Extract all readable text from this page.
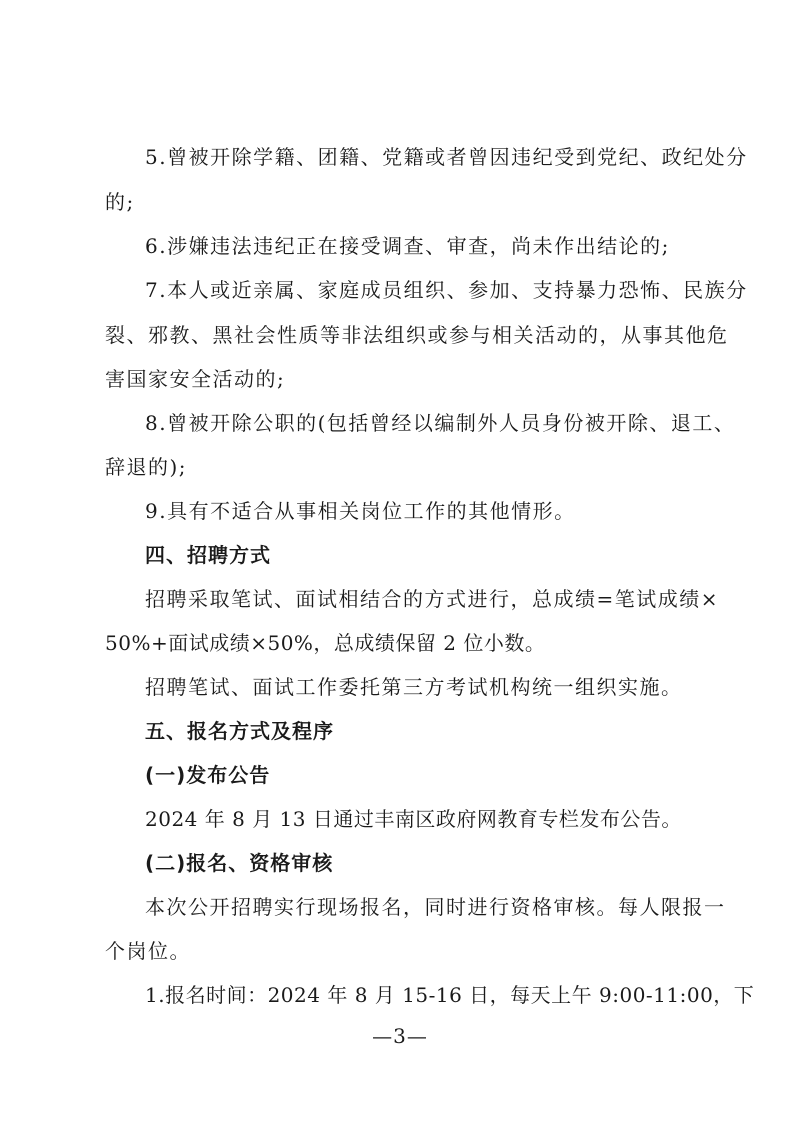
5.曾被开除学籍、团籍、党籍或者曾因违纪受到党纪、政纪处分
的;
6.涉嫌违法违纪正在接受调查、审查，尚未作出结论的;
7.本人或近亲属、家庭成员组织、参加、支持暴力恐怖、民族分
裂、邪教、黑社会性质等非法组织或参与相关活动的，从事其他危
害国家安全活动的;
8.曾被开除公职的(包括曾经以编制外人员身份被开除、退工、
辞退的);
9.具有不适合从事相关岗位工作的其他情形。
四、招聘方式
招聘采取笔试、面试相结合的方式进行，总成绩=笔试成绩×
50%+面试成绩×50%，总成绩保留 2 位小数。
招聘笔试、面试工作委托第三方考试机构统一组织实施。
五、报名方式及程序
(一)发布公告
2024 年 8 月 13 日通过丰南区政府网教育专栏发布公告。
(二)报名、资格审核
本次公开招聘实行现场报名，同时进行资格审核。每人限报一
个岗位。
1.报名时间：2024 年 8 月 15-16 日，每天上午 9:00-11:00，下
—3—
